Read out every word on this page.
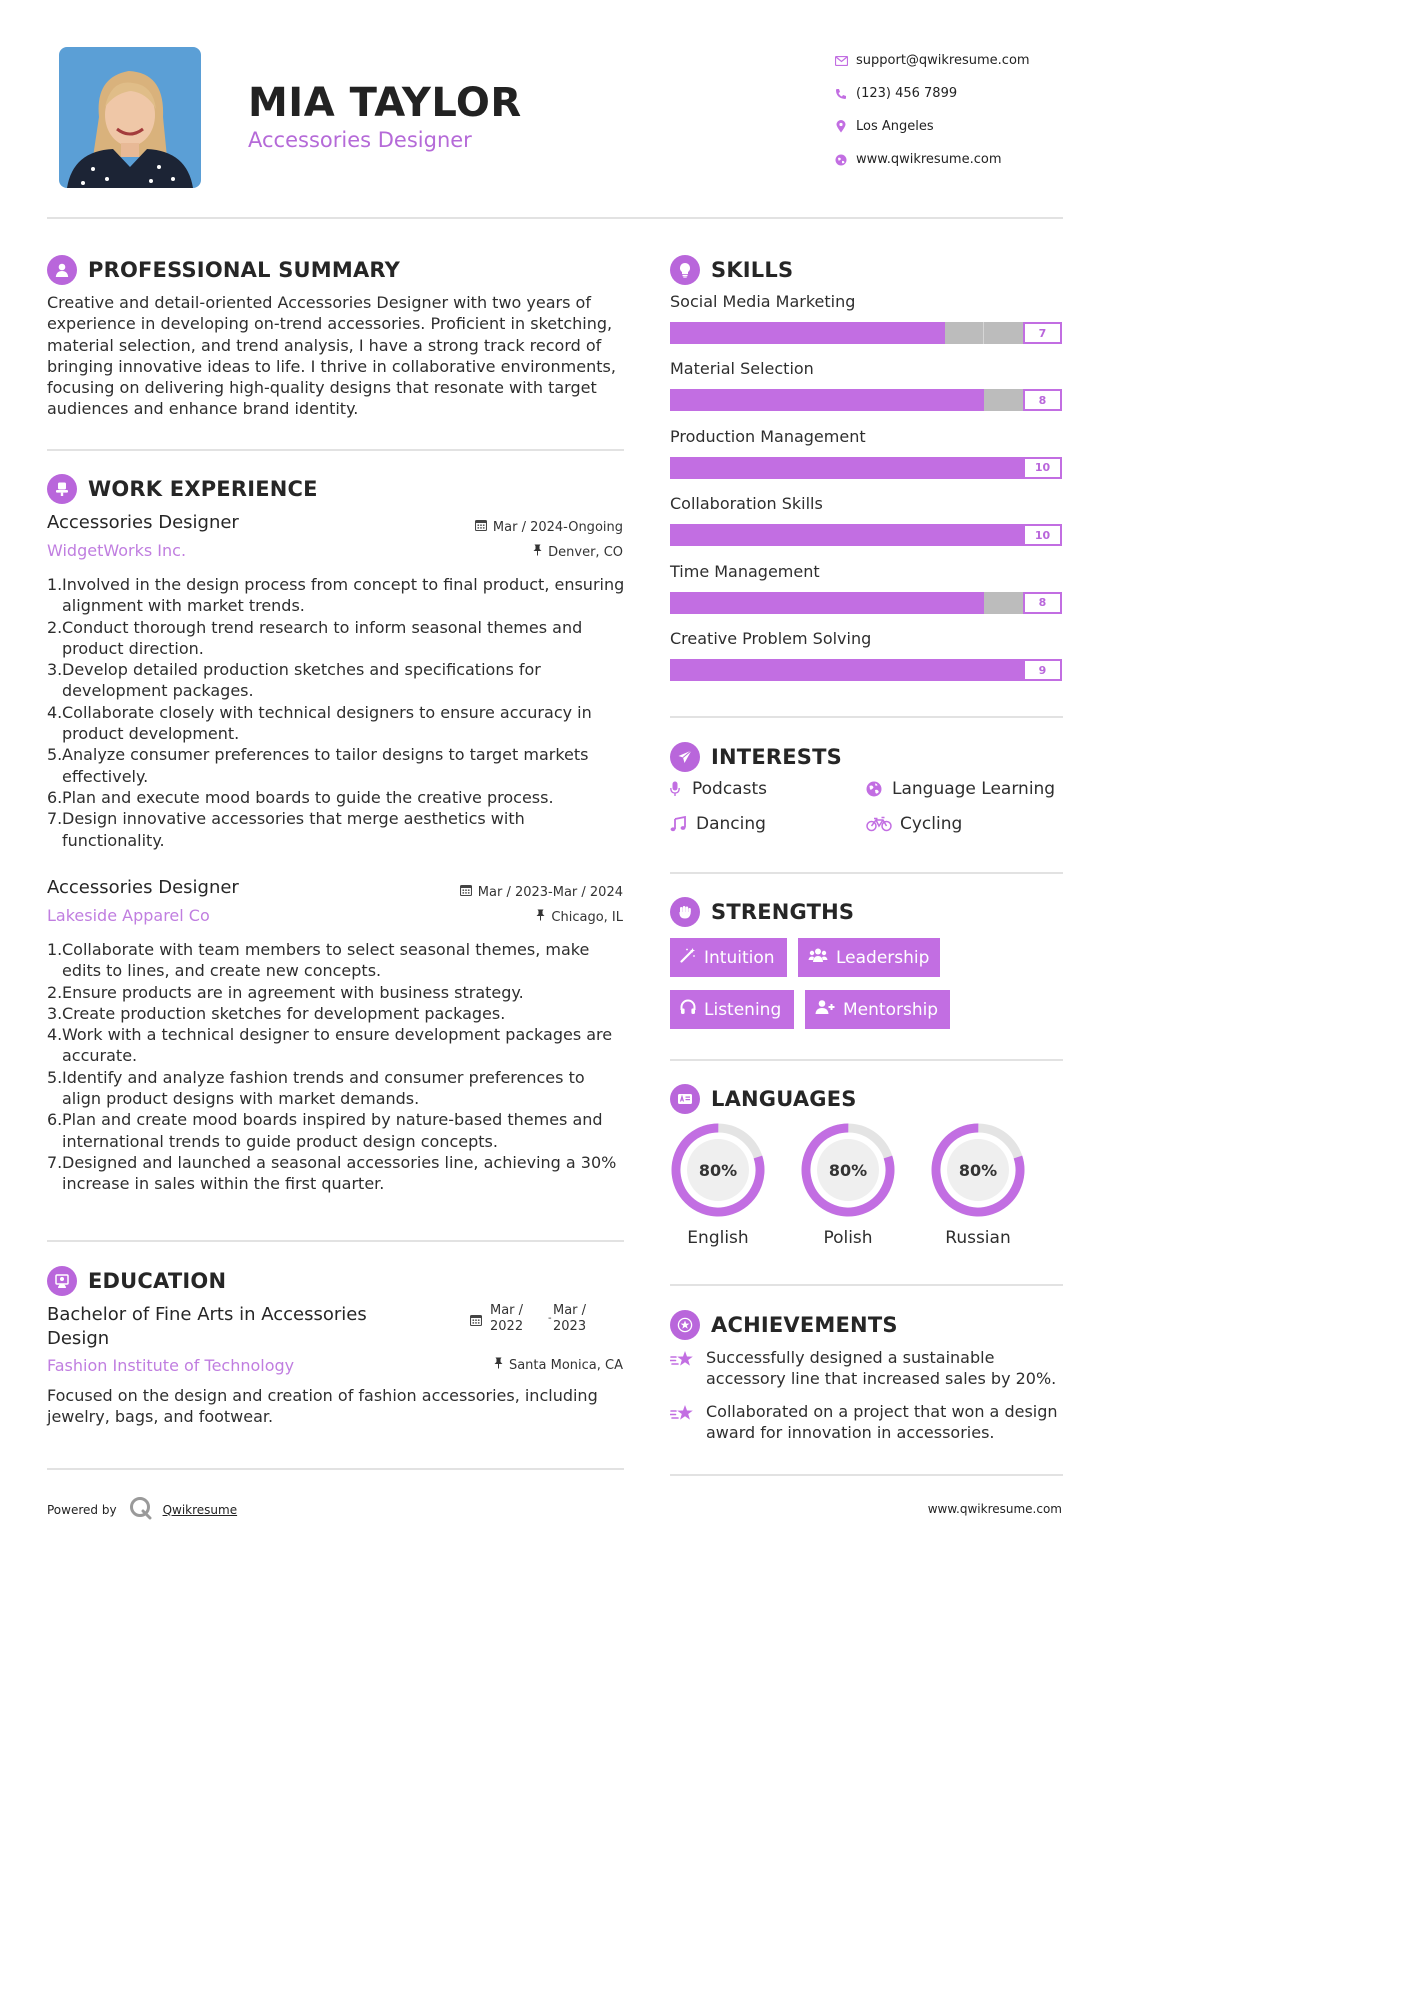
MIA TAYLOR
Accessories Designer
support@qwikresume.com
(123) 456 7899
Los Angeles
www.qwikresume.com
PROFESSIONAL SUMMARY
Creative and detail-oriented Accessories Designer with two years of experience in developing on-trend accessories. Proficient in sketching, material selection, and trend analysis, I have a strong track record of bringing innovative ideas to life. I thrive in collaborative environments, focusing on delivering high-quality designs that resonate with target audiences and enhance brand identity.
WORK EXPERIENCE
Accessories Designer	Mar / 2024-Ongoing
WidgetWorks Inc.	Denver, CO
1. Involved in the design process from concept to final product, ensuring alignment with market trends.
2. Conduct thorough trend research to inform seasonal themes and product direction.
3. Develop detailed production sketches and specifications for development packages.
4. Collaborate closely with technical designers to ensure accuracy in product development.
5. Analyze consumer preferences to tailor designs to target markets effectively.
6. Plan and execute mood boards to guide the creative process.
7. Design innovative accessories that merge aesthetics with functionality.
Accessories Designer	Mar / 2023-Mar / 2024
Lakeside Apparel Co	Chicago, IL
1. Collaborate with team members to select seasonal themes, make edits to lines, and create new concepts.
2. Ensure products are in agreement with business strategy.
3. Create production sketches for development packages.
4. Work with a technical designer to ensure development packages are accurate.
5. Identify and analyze fashion trends and consumer preferences to align product designs with market demands.
6. Plan and create mood boards inspired by nature-based themes and international trends to guide product design concepts.
7. Designed and launched a seasonal accessories line, achieving a 30% increase in sales within the first quarter.
EDUCATION
Bachelor of Fine Arts in Accessories Design
Mar /
2022
Mar /
-
2023
Fashion Institute of Technology	Santa Monica, CA
Focused on the design and creation of fashion accessories, including jewelry, bags, and footwear.
SKILLS
Social Media Marketing
7
Material Selection
8
Production Management
10
Collaboration Skills
10
Time Management
8
Creative Problem Solving
9
INTERESTS
Podcasts	Language Learning
Dancing	Cycling
STRENGTHS
Intuition	Leadership
Listening	Mentorship
LANGUAGES
80%
English
80%
Polish
80%
Russian
ACHIEVEMENTS
Successfully designed a sustainable accessory line that increased sales by 20%.
Collaborated on a project that won a design award for innovation in accessories.
Powered by	Qwikresume	www.qwikresume.com
